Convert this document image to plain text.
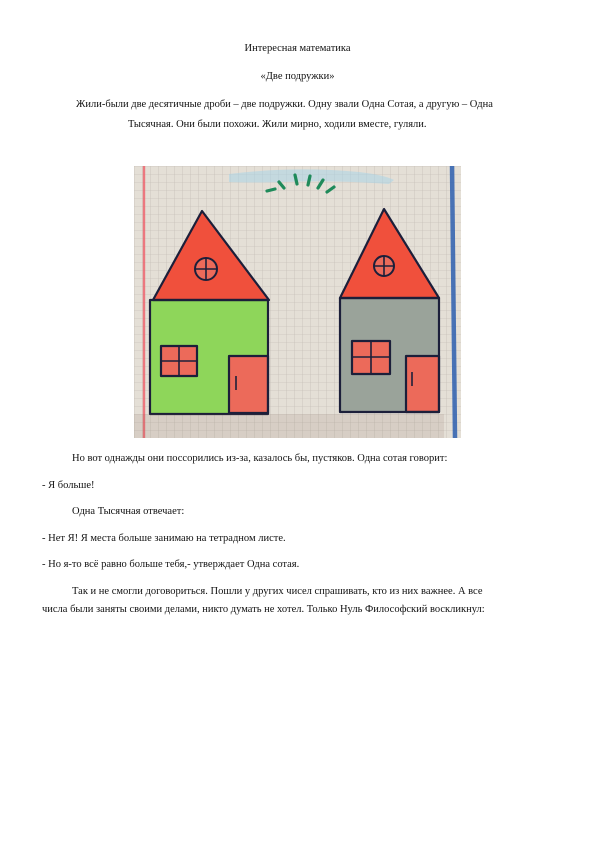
Интересная математика
«Две подружки»
Жили-были две десятичные дроби – две подружки. Одну звали Одна Сотая, а другую – Одна
Тысячная. Они были похожи. Жили мирно, ходили вместе, гуляли.
Но вот однажды они поссорились из-за, казалось бы, пустяков. Одна сотая говорит:
- Я больше!
Одна Тысячная отвечает:
- Нет Я! Я места больше занимаю на тетрадном листе.
- Но я-то всё равно больше тебя,- утверждает Одна сотая.
Так и не смогли договориться. Пошли у других чисел спрашивать, кто из них важнее. А все
числа были заняты своими делами, никто думать не хотел. Только Нуль Философский воскликнул:
